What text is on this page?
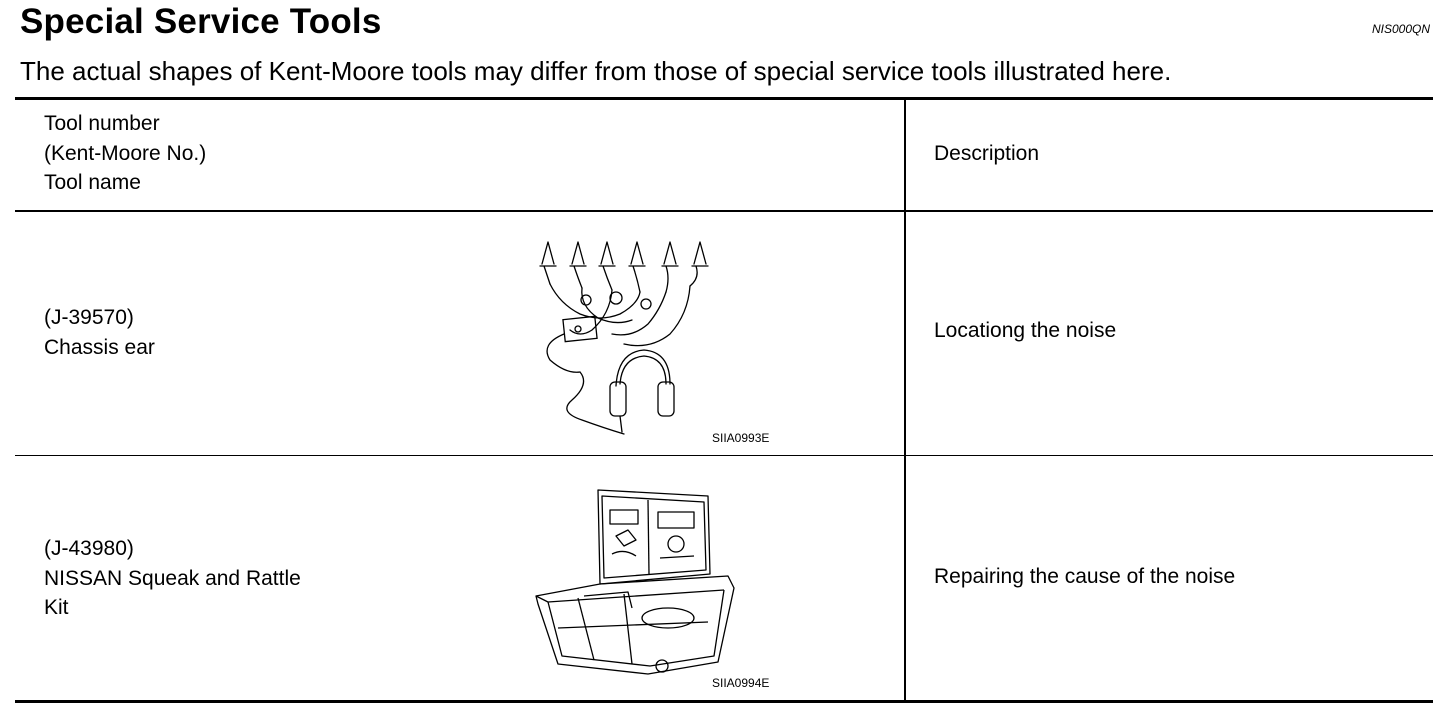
Special Service Tools	NIS000QN
The actual shapes of Kent-Moore tools may differ from those of special service tools illustrated here.
Tool number
(Kent-Moore No.)
Tool name
Description
(J-39570)
Chassis ear
SIIA0993E
Locationg the noise
(J-43980)
NISSAN Squeak and Rattle
Kit
SIIA0994E
Repairing the cause of the noise
